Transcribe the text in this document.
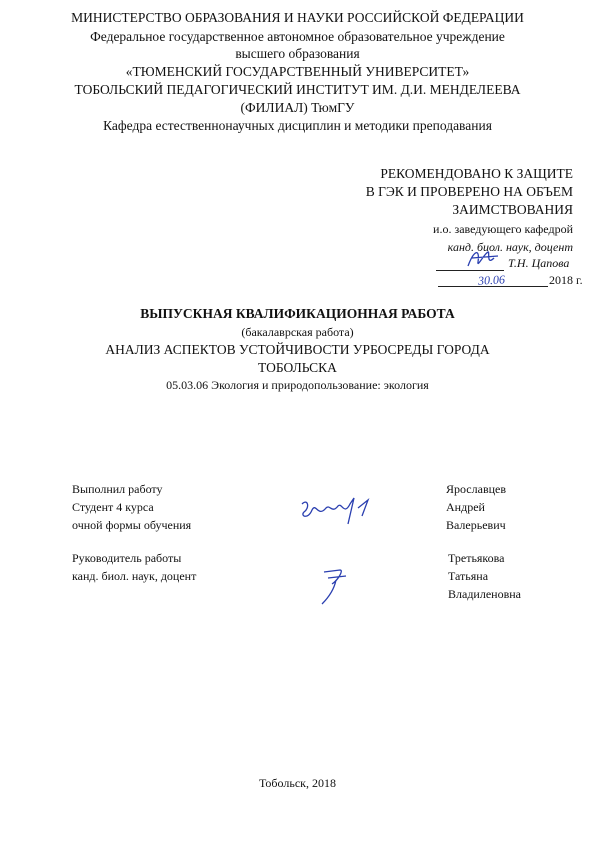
МИНИСТЕРСТВО ОБРАЗОВАНИЯ И НАУКИ РОССИЙСКОЙ ФЕДЕРАЦИИ
Федеральное государственное автономное образовательное учреждение
высшего образования
«ТЮМЕНСКИЙ ГОСУДАРСТВЕННЫЙ УНИВЕРСИТЕТ»
ТОБОЛЬСКИЙ ПЕДАГОГИЧЕСКИЙ ИНСТИТУТ ИМ. Д.И. МЕНДЕЛЕЕВА
(ФИЛИАЛ) ТюмГУ
Кафедра естественнонаучных дисциплин и методики преподавания
РЕКОМЕНДОВАНО К ЗАЩИТЕ
В ГЭК И ПРОВЕРЕНО НА ОБЪЕМ
ЗАИМСТВОВАНИЯ
и.о. заведующего кафедрой
канд. биол. наук, доцент
Т.Н. Цапова
30.06	2018 г.
ВЫПУСКНАЯ КВАЛИФИКАЦИОННАЯ РАБОТА
(бакалаврская работа)
АНАЛИЗ АСПЕКТОВ УСТОЙЧИВОСТИ УРБОСРЕДЫ ГОРОДА
ТОБОЛЬСКА
05.03.06 Экология и природопользование: экология
Выполнил работу
Студент 4 курса
очной формы обучения
Ярославцев
Андрей
Валерьевич
Руководитель работы
канд. биол. наук, доцент
Третьякова
Татьяна
Владиленовна
Тобольск, 2018
